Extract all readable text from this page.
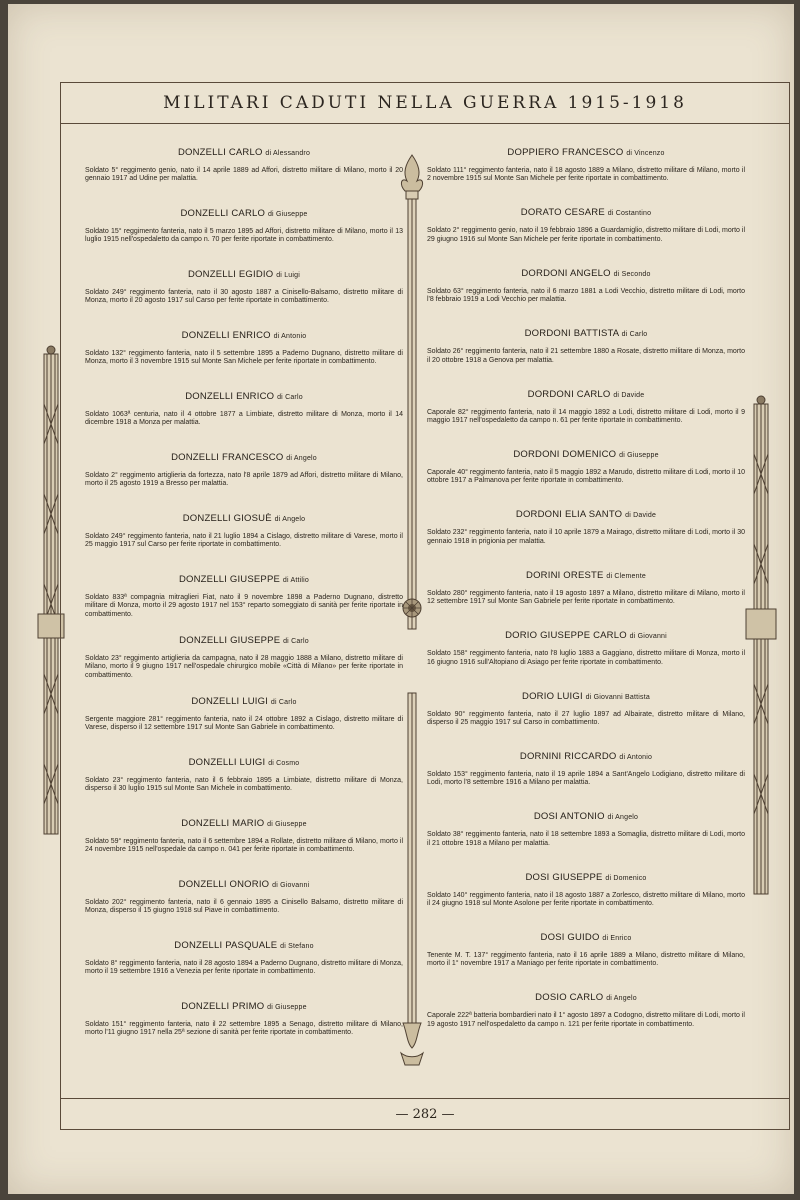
MILITARI CADUTI NELLA GUERRA 1915-1918
DONZELLI CARLO di Alessandro
Soldato 5° reggimento genio, nato il 14 aprile 1889 ad Affori, distretto militare di Milano, morto il 20 gennaio 1917 ad Udine per malattia.
DONZELLI CARLO di Giuseppe
Soldato 15° reggimento fanteria, nato il 5 marzo 1895 ad Affori, distretto militare di Milano, morto il 13 luglio 1915 nell'ospedaletto da campo n. 70 per ferite riportate in combattimento.
DONZELLI EGIDIO di Luigi
Soldato 249° reggimento fanteria, nato il 30 agosto 1887 a Cinisello-Balsamo, distretto militare di Monza, morto il 20 agosto 1917 sul Carso per ferite riportate in combattimento.
DONZELLI ENRICO di Antonio
Soldato 132° reggimento fanteria, nato il 5 settembre 1895 a Paderno Dugnano, distretto militare di Monza, morto il 3 novembre 1915 sul Monte San Michele per ferite riportate in combattimento.
DONZELLI ENRICO di Carlo
Soldato 1063ª centuria, nato il 4 ottobre 1877 a Limbiate, distretto militare di Monza, morto il 14 dicembre 1918 a Monza per malattia.
DONZELLI FRANCESCO di Angelo
Soldato 2° reggimento artiglieria da fortezza, nato l'8 aprile 1879 ad Affori, distretto militare di Milano, morto il 25 agosto 1919 a Bresso per malattia.
DONZELLI GIOSUÈ di Angelo
Soldato 249° reggimento fanteria, nato il 21 luglio 1894 a Cislago, distretto militare di Varese, morto il 25 maggio 1917 sul Carso per ferite riportate in combattimento.
DONZELLI GIUSEPPE di Attilio
Soldato 833ª compagnia mitraglieri Fiat, nato il 9 novembre 1898 a Paderno Dugnano, distretto militare di Monza, morto il 29 agosto 1917 nel 153° reparto someggiato di sanità per ferite riportate in combattimento.
DONZELLI GIUSEPPE di Carlo
Soldato 23° reggimento artiglieria da campagna, nato il 28 maggio 1888 a Milano, distretto militare di Milano, morto il 9 giugno 1917 nell'ospedale chirurgico mobile «Città di Milano» per ferite riportate in combattimento.
DONZELLI LUIGI di Carlo
Sergente maggiore 281° reggimento fanteria, nato il 24 ottobre 1892 a Cislago, distretto militare di Varese, disperso il 12 settembre 1917 sul Monte San Gabriele in combattimento.
DONZELLI LUIGI di Cosmo
Soldato 23° reggimento fanteria, nato il 6 febbraio 1895 a Limbiate, distretto militare di Monza, disperso il 30 luglio 1915 sul Monte San Michele in combattimento.
DONZELLI MARIO di Giuseppe
Soldato 59° reggimento fanteria, nato il 6 settembre 1894 a Rollate, distretto militare di Milano, morto il 24 novembre 1915 nell'ospedale da campo n. 041 per ferite riportate in combattimento.
DONZELLI ONORIO di Giovanni
Soldato 202° reggimento fanteria, nato il 6 gennaio 1895 a Cinisello Balsamo, distretto militare di Monza, disperso il 15 giugno 1918 sul Piave in combattimento.
DONZELLI PASQUALE di Stefano
Soldato 8° reggimento fanteria, nato il 28 agosto 1894 a Paderno Dugnano, distretto militare di Monza, morto il 19 settembre 1916 a Venezia per ferite riportate in combattimento.
DONZELLI PRIMO di Giuseppe
Soldato 151° reggimento fanteria, nato il 22 settembre 1895 a Senago, distretto militare di Milano, morto l'11 giugno 1917 nella 25ª sezione di sanità per ferite riportate in combattimento.
DOPPIERO FRANCESCO di Vincenzo
Soldato 111° reggimento fanteria, nato il 18 agosto 1889 a Milano, distretto militare di Milano, morto il 2 novembre 1915 sul Monte San Michele per ferite riportate in combattimento.
DORATO CESARE di Costantino
Soldato 2° reggimento genio, nato il 19 febbraio 1896 a Guardamiglio, distretto militare di Lodi, morto il 29 giugno 1916 sul Monte San Michele per ferite riportate in combattimento.
DORDONI ANGELO di Secondo
Soldato 63° reggimento fanteria, nato il 6 marzo 1881 a Lodi Vecchio, distretto militare di Lodi, morto l'8 febbraio 1919 a Lodi Vecchio per malattia.
DORDONI BATTISTA di Carlo
Soldato 26° reggimento fanteria, nato il 21 settembre 1880 a Rosate, distretto militare di Monza, morto il 20 ottobre 1918 a Genova per malattia.
DORDONI CARLO di Davide
Caporale 82° reggimento fanteria, nato il 14 maggio 1892 a Lodi, distretto militare di Lodi, morto il 9 maggio 1917 nell'ospedaletto da campo n. 61 per ferite riportate in combattimento.
DORDONI DOMENICO di Giuseppe
Caporale 40° reggimento fanteria, nato il 5 maggio 1892 a Marudo, distretto militare di Lodi, morto il 10 ottobre 1917 a Palmanova per ferite riportate in combattimento.
DORDONI ELIA SANTO di Davide
Soldato 232° reggimento fanteria, nato il 10 aprile 1879 a Mairago, distretto militare di Lodi, morto il 30 gennaio 1918 in prigionia per malattia.
DORINI ORESTE di Clemente
Soldato 280° reggimento fanteria, nato il 19 agosto 1897 a Milano, distretto militare di Milano, morto il 12 settembre 1917 sul Monte San Gabriele per ferite riportate in combattimento.
DORIO GIUSEPPE CARLO di Giovanni
Soldato 158° reggimento fanteria, nato l'8 luglio 1883 a Gaggiano, distretto militare di Monza, morto il 16 giugno 1916 sull'Altopiano di Asiago per ferite riportate in combattimento.
DORIO LUIGI di Giovanni Battista
Soldato 90° reggimento fanteria, nato il 27 luglio 1897 ad Albairate, distretto militare di Milano, disperso il 25 maggio 1917 sul Carso in combattimento.
DORNINI RICCARDO di Antonio
Soldato 153° reggimento fanteria, nato il 19 aprile 1894 a Sant'Angelo Lodigiano, distretto militare di Lodi, morto l'8 settembre 1916 a Milano per malattia.
DOSI ANTONIO di Angelo
Soldato 38° reggimento fanteria, nato il 18 settembre 1893 a Somaglia, distretto militare di Lodi, morto il 21 ottobre 1918 a Milano per malattia.
DOSI GIUSEPPE di Domenico
Soldato 140° reggimento fanteria, nato il 18 agosto 1887 a Zorlesco, distretto militare di Milano, morto il 24 giugno 1918 sul Monte Asolone per ferite riportate in combattimento.
DOSI GUIDO di Enrico
Tenente M. T. 137° reggimento fanteria, nato il 16 aprile 1889 a Milano, distretto militare di Milano, morto il 1° novembre 1917 a Maniago per ferite riportate in combattimento.
DOSIO CARLO di Angelo
Caporale 222ª batteria bombardieri nato il 1° agosto 1897 a Codogno, distretto militare di Lodi, morto il 19 agosto 1917 nell'ospedaletto da campo n. 121 per ferite riportate in combattimento.
— 282 —
